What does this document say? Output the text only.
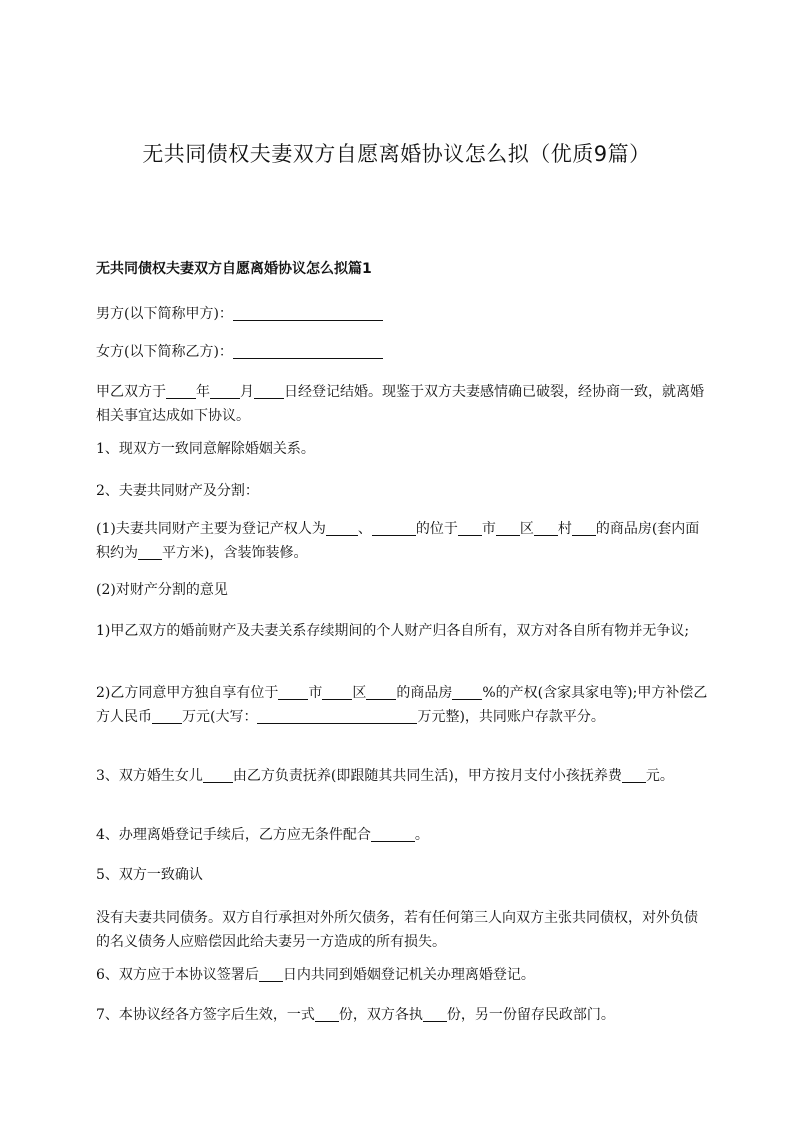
无共同债权夫妻双方自愿离婚协议怎么拟（优质9篇）
无共同债权夫妻双方自愿离婚协议怎么拟篇1
男方(以下简称甲方)：
女方(以下简称乙方)：
甲乙双方于 年 月 日经登记结婚。现鉴于双方夫妻感情确已破裂，经协商一致，就离婚相关事宜达成如下协议。
1、现双方一致同意解除婚姻关系。
2、夫妻共同财产及分割：
(1)夫妻共同财产主要为登记产权人为 、	的位于 市 区 村 的商品房(套内面积约为 平方米)，含装饰装修。
(2)对财产分割的意见
1)甲乙双方的婚前财产及夫妻关系存续期间的个人财产归各自所有，双方对各自所有物并无争议;
2)乙方同意甲方独自享有位于 市 区 的商品房 %的产权(含家具家电等);甲方补偿乙方人民币 万元(大写：	万元整)，共同账户存款平分。
3、双方婚生女儿 由乙方负责抚养(即跟随其共同生活)，甲方按月支付小孩抚养费 元。
4、办理离婚登记手续后，乙方应无条件配合	。
5、双方一致确认
没有夫妻共同债务。双方自行承担对外所欠债务，若有任何第三人向双方主张共同债权，对外负债的名义债务人应赔偿因此给夫妻另一方造成的所有损失。
6、双方应于本协议签署后 日内共同到婚姻登记机关办理离婚登记。
7、本协议经各方签字后生效，一式 份，双方各执 份，另一份留存民政部门。
